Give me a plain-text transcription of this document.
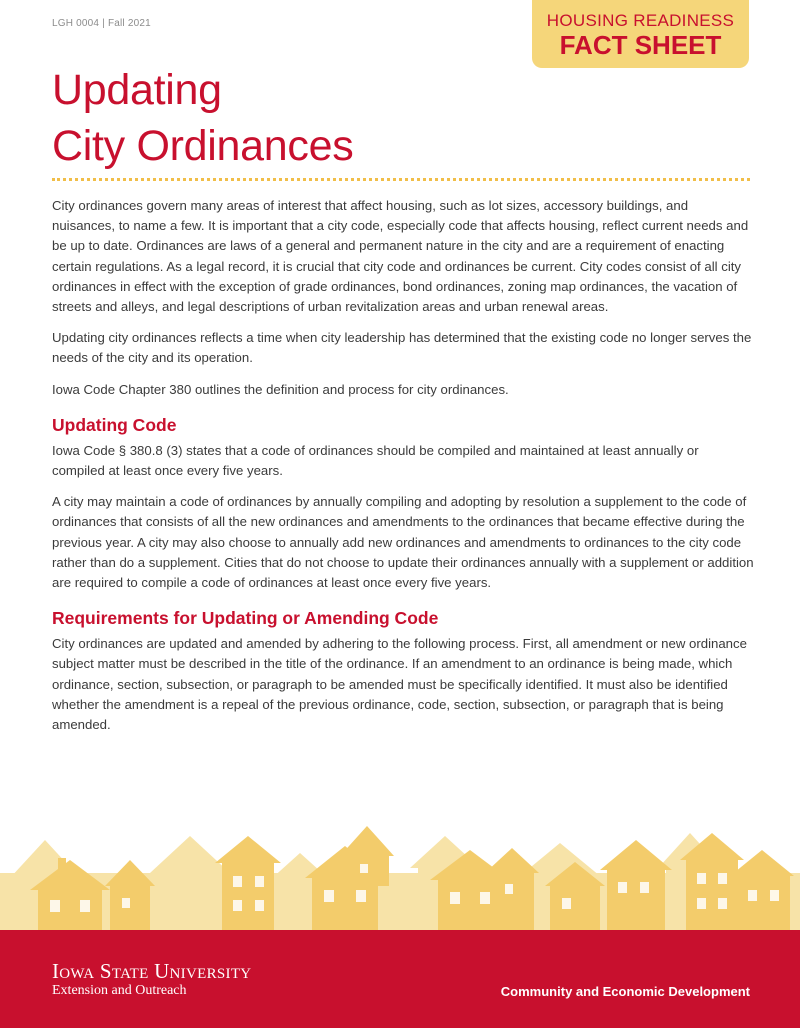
LGH 0004 | Fall 2021	HOUSING READINESS
FACT SHEET
Updating
City Ordinances

City ordinances govern many areas of interest that affect housing, such as lot sizes, accessory buildings, and nuisances, to name a few. It is important that a city code, especially code that affects housing, reflect current needs and be up to date. Ordinances are laws of a general and permanent nature in the city and are a requirement of enacting certain regulations. As a legal record, it is crucial that city code and ordinances be current. City codes consist of all city ordinances in effect with the exception of grade ordinances, bond ordinances, zoning map ordinances, the vacation of streets and alleys, and legal descriptions of urban revitalization areas and urban renewal areas.

Updating city ordinances reflects a time when city leadership has determined that the existing code no longer serves the needs of the city and its operation.

Iowa Code Chapter 380 outlines the definition and process for city ordinances.

Updating Code

Iowa Code § 380.8 (3) states that a code of ordinances should be compiled and maintained at least annually or compiled at least once every five years.

A city may maintain a code of ordinances by annually compiling and adopting by resolution a supplement to the code of ordinances that consists of all the new ordinances and amendments to the ordinances that became effective during the previous year. A city may also choose to annually add new ordinances and amendments to ordinances to the city code rather than do a supplement. Cities that do not choose to update their ordinances annually with a supplement or addition are required to compile a code of ordinances at least once every five years.

Requirements for Updating or Amending Code

City ordinances are updated and amended by adhering to the following process. First, all amendment or new ordinance subject matter must be described in the title of the ordinance. If an amendment to an ordinance is being made, which ordinance, section, subsection, or paragraph to be amended must be specifically identified. It must also be identified whether the amendment is a repeal of the previous ordinance, code, section, subsection, or paragraph that is being amended.

Iowa State University
Extension and Outreach	Community and Economic Development
